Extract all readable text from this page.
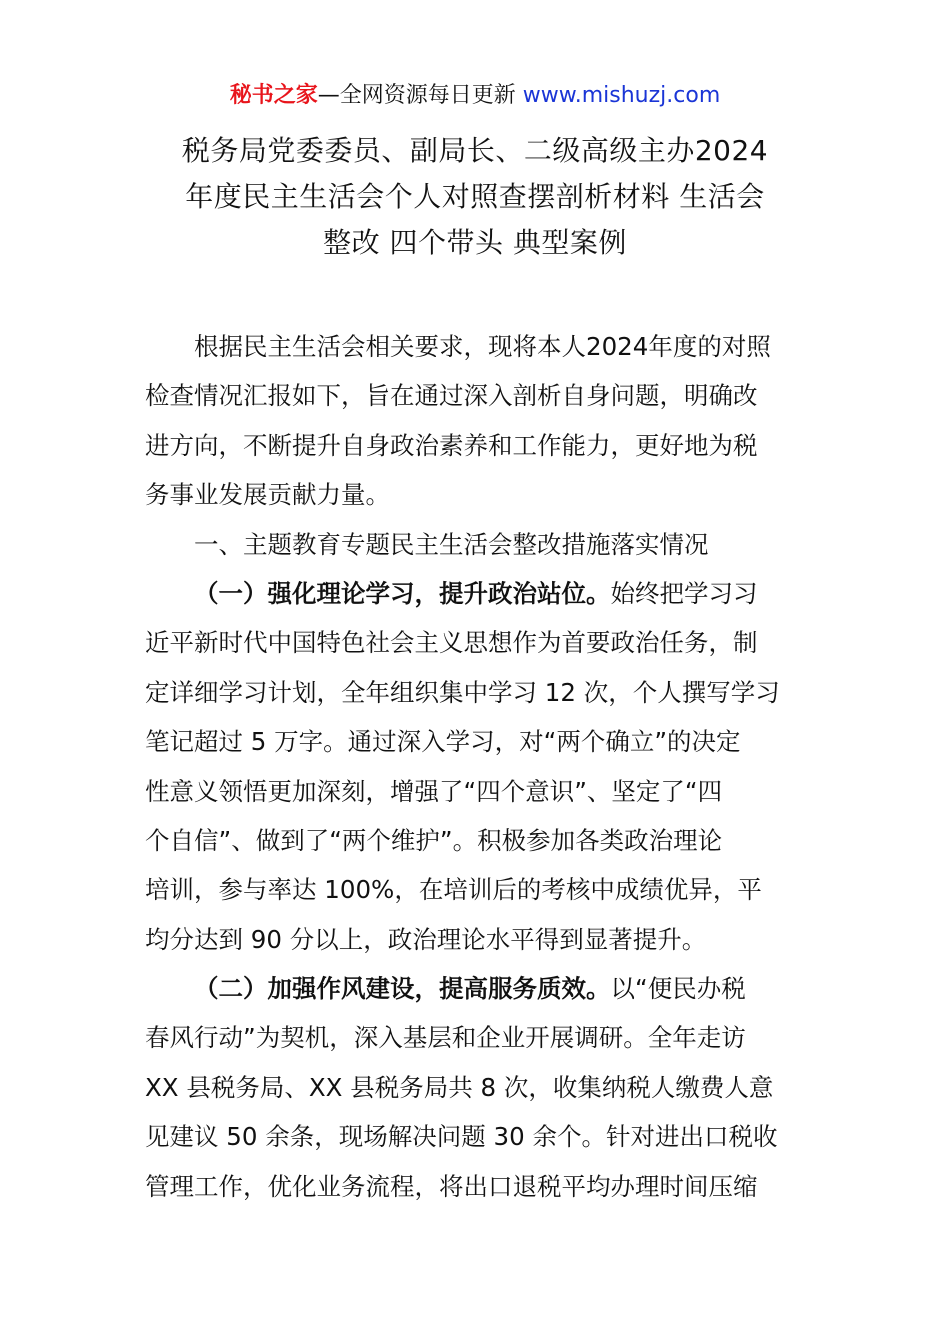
秘书之家—全网资源每日更新 www.mishuzj.com
税务局党委委员、副局长、二级高级主办2024
年度民主生活会个人对照查摆剖析材料 生活会
整改 四个带头 典型案例

根据民主生活会相关要求，现将本人2024年度的对照
检查情况汇报如下，旨在通过深入剖析自身问题，明确改
进方向，不断提升自身政治素养和工作能力，更好地为税
务事业发展贡献力量。

一、主题教育专题民主生活会整改措施落实情况

（一）强化理论学习，提升政治站位。始终把学习习
近平新时代中国特色社会主义思想作为首要政治任务，制
定详细学习计划，全年组织集中学习 12 次，个人撰写学习
笔记超过 5 万字。通过深入学习，对“两个确立”的决定
性意义领悟更加深刻，增强了“四个意识”、坚定了“四
个自信”、做到了“两个维护”。积极参加各类政治理论
培训，参与率达 100%，在培训后的考核中成绩优异，平
均分达到 90 分以上，政治理论水平得到显著提升。

（二）加强作风建设，提高服务质效。以“便民办税
春风行动”为契机，深入基层和企业开展调研。全年走访
XX 县税务局、XX 县税务局共 8 次，收集纳税人缴费人意
见建议 50 余条，现场解决问题 30 余个。针对进出口税收
管理工作，优化业务流程，将出口退税平均办理时间压缩
